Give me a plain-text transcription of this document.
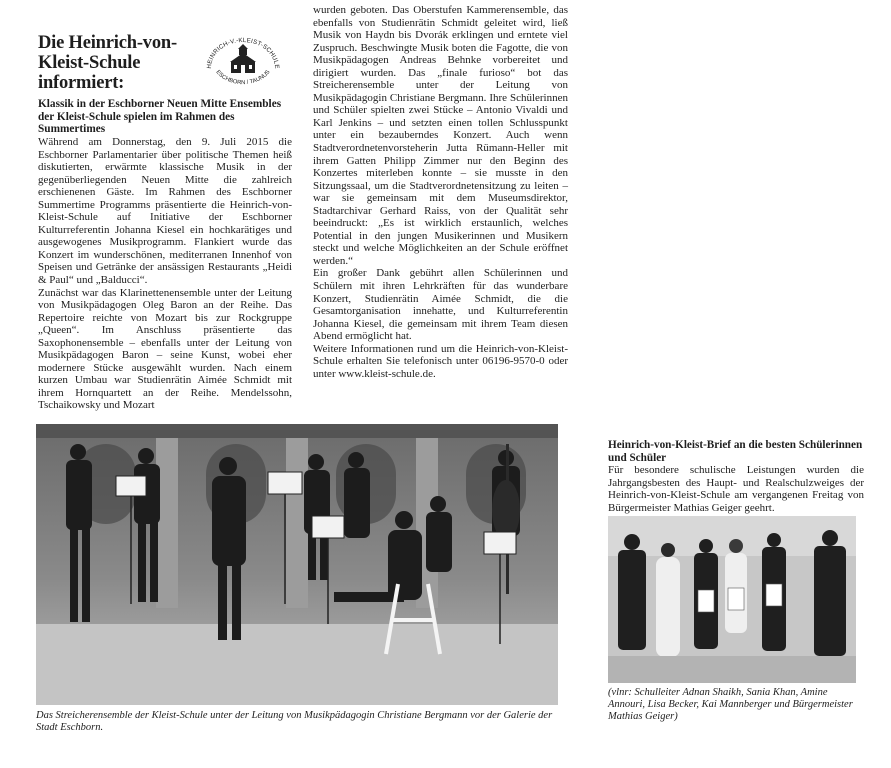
Die Heinrich-von-Kleist-Schule informiert:
HEINRICH-V.-KLEIST-SCHULE
ESCHBORN / TAUNUS
Klassik in der Eschborner Neuen Mitte Ensembles der Kleist-Schule spielen im Rahmen des Summertimes

Während am Donnerstag, den 9. Juli 2015 die Eschborner Parlamentarier über politische Themen heiß diskutierten, erwärmte klassische Musik in der gegenüberliegenden Neuen Mitte die zahlreich erschienenen Gäste. Im Rahmen des Eschborner Summertime Programms präsentierte die Heinrich-von-Kleist-Schule auf Initiative der Eschborner Kulturreferentin Johanna Kiesel ein hochkarätiges und ausgewogenes Musikprogramm. Flankiert wurde das Konzert im wunderschönen, mediterranen Innenhof von Speisen und Getränke der ansässigen Restaurants „Heidi & Paul“ und „Balducci“.

Zunächst war das Klarinettenensemble unter der Leitung von Musikpädagogen Oleg Baron an der Reihe. Das Repertoire reichte von Mozart bis zur Rockgruppe „Queen“. Im Anschluss präsentierte das Saxophonensemble – ebenfalls unter der Leitung von Musikpädagogen Baron – seine Kunst, wobei eher modernere Stücke ausgewählt wurden. Nach einem kurzen Umbau war Studienrätin Aimée Schmidt mit ihrem Hornquartett an der Reihe. Mendelssohn, Tschaikowsky und Mozart

wurden geboten. Das Oberstufen Kammerensemble, das ebenfalls von Studienrätin Schmidt geleitet wird, ließ Musik von Haydn bis Dvorák erklingen und erntete viel Zuspruch. Beschwingte Musik boten die Fagotte, die von Musikpädagogen Andreas Behnke vorbereitet und dirigiert wurden. Das „finale furioso“ bot das Streicherensemble unter der Leitung von Musikpädagogin Christiane Bergmann. Ihre Schülerinnen und Schüler spielten zwei Stücke – Antonio Vivaldi und Karl Jenkins – und setzten einen tollen Schlusspunkt unter ein bezauberndes Konzert. Auch wenn Stadtverordnetenvorsteherin Jutta Rümann-Heller mit ihrem Gatten Philipp Zimmer nur den Beginn des Konzertes miterleben konnte – sie musste in den Sitzungssaal, um die Stadtverordnetensitzung zu leiten – war sie gemeinsam mit dem Museumsdirektor, Stadtarchivar Gerhard Raiss, von der Qualität sehr beeindruckt: „Es ist wirklich erstaunlich, welches Potential in den jungen Musikerinnen und Musikern steckt und welche Möglichkeiten an der Schule eröffnet werden.“

Ein großer Dank gebührt allen Schülerinnen und Schülern mit ihren Lehrkräften für das wunderbare Konzert, Studienrätin Aimée Schmidt, die die Gesamtorganisation innehatte, und Kulturreferentin Johanna Kiesel, die gemeinsam mit ihrem Team diesen Abend ermöglicht hat.

Weitere Informationen rund um die Heinrich-von-Kleist-Schule erhalten Sie telefonisch unter 06196-9570-0 oder unter www.kleist-schule.de.

Das Streicherensemble der Kleist-Schule unter der Leitung von Musikpädagogin Christiane Bergmann vor der Galerie der Stadt Eschborn.
Heinrich-von-Kleist-Brief an die besten Schülerinnen und Schüler
Für besondere schulische Leistungen wurden die Jahrgangsbesten des Haupt- und Realschulzweiges der Heinrich-von-Kleist-Schule am vergangenen Freitag von Bürgermeister Mathias Geiger geehrt.
(vlnr: Schulleiter Adnan Shaikh, Sania Khan, Amine Annouri, Lisa Becker, Kai Mannberger und Bürgermeister Mathias Geiger)
